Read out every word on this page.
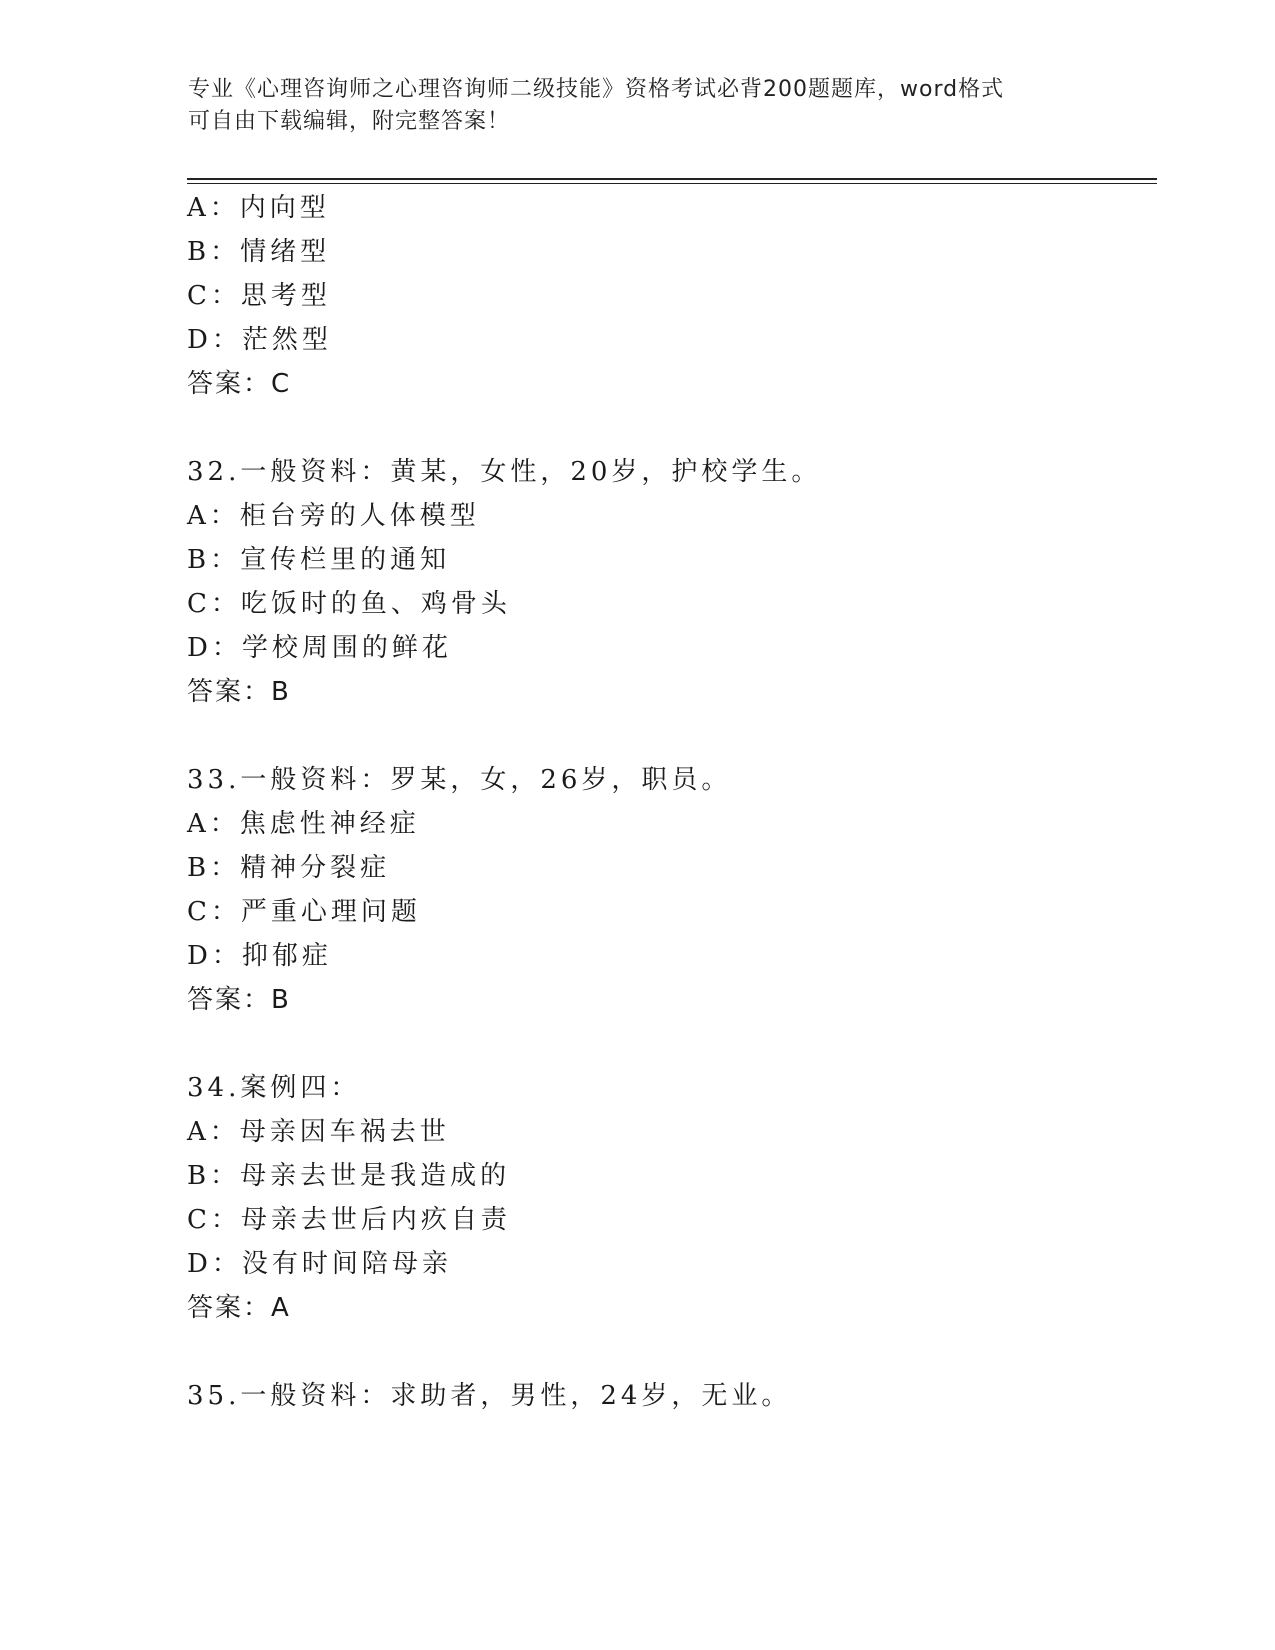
专业《心理咨询师之心理咨询师二级技能》资格考试必背200题题库，word格式
可自由下载编辑，附完整答案！
A：内向型
B：情绪型
C：思考型
D：茫然型
答案：C
32.一般资料：黄某，女性，20岁，护校学生。
A：柜台旁的人体模型
B：宣传栏里的通知
C：吃饭时的鱼、鸡骨头
D：学校周围的鲜花
答案：B
33.一般资料：罗某，女，26岁，职员。
A：焦虑性神经症
B：精神分裂症
C：严重心理问题
D：抑郁症
答案：B
34.案例四：
A：母亲因车祸去世
B：母亲去世是我造成的
C：母亲去世后内疚自责
D：没有时间陪母亲
答案：A
35.一般资料：求助者，男性，24岁，无业。
